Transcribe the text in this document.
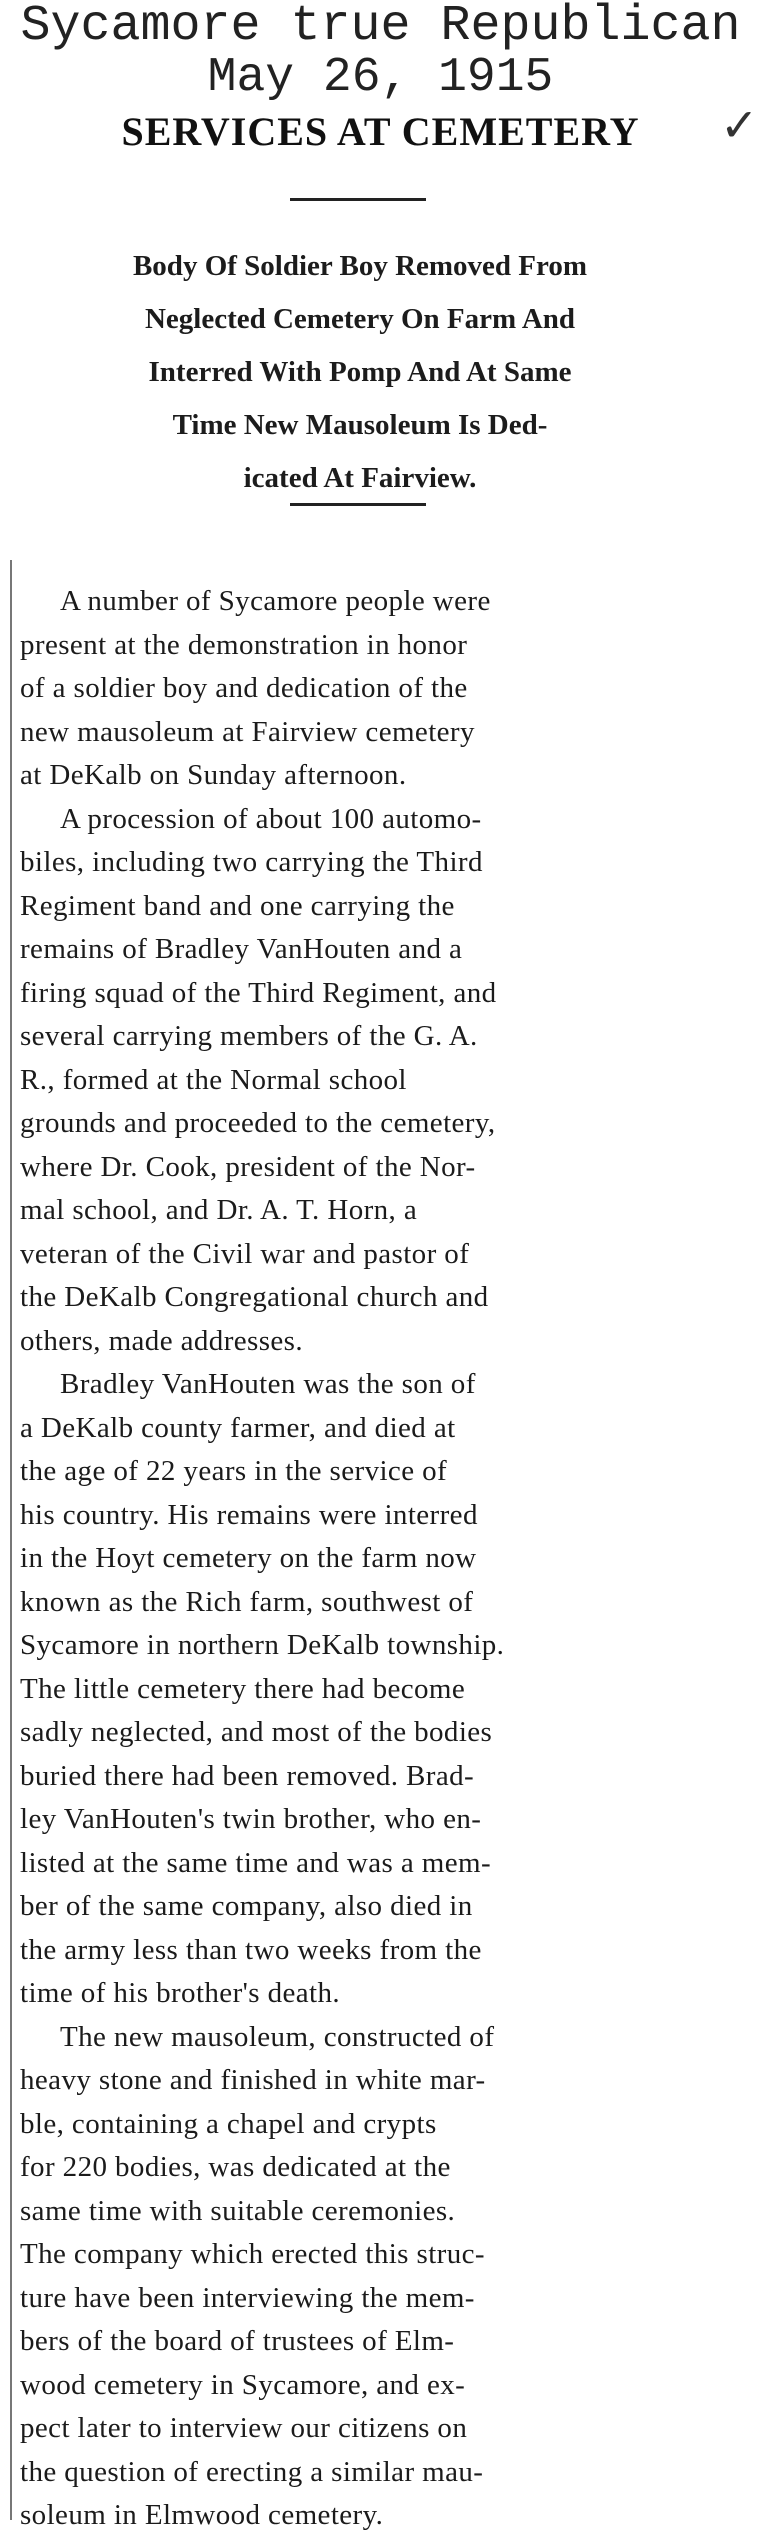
Sycamore true Republican
May 26, 1915
SERVICES AT CEMETERY	✓
Body Of Soldier Boy Removed From
Neglected Cemetery On Farm And
Interred With Pomp And At Same
Time New Mausoleum Is Ded-
icated At Fairview.
A number of Sycamore people were
present at the demonstration in honor
of a soldier boy and dedication of the
new mausoleum at Fairview cemetery
at DeKalb on Sunday afternoon.
A procession of about 100 automo-
biles, including two carrying the Third
Regiment band and one carrying the
remains of Bradley VanHouten and a
firing squad of the Third Regiment, and
several carrying members of the G. A.
R., formed at the Normal school
grounds and proceeded to the cemetery,
where Dr. Cook, president of the Nor-
mal school, and Dr. A. T. Horn, a
veteran of the Civil war and pastor of
the DeKalb Congregational church and
others, made addresses.
Bradley VanHouten was the son of
a DeKalb county farmer, and died at
the age of 22 years in the service of
his country. His remains were interred
in the Hoyt cemetery on the farm now
known as the Rich farm, southwest of
Sycamore in northern DeKalb township.
The little cemetery there had become
sadly neglected, and most of the bodies
buried there had been removed. Brad-
ley VanHouten's twin brother, who en-
listed at the same time and was a mem-
ber of the same company, also died in
the army less than two weeks from the
time of his brother's death.
The new mausoleum, constructed of
heavy stone and finished in white mar-
ble, containing a chapel and crypts
for 220 bodies, was dedicated at the
same time with suitable ceremonies.
The company which erected this struc-
ture have been interviewing the mem-
bers of the board of trustees of Elm-
wood cemetery in Sycamore, and ex-
pect later to interview our citizens on
the question of erecting a similar mau-
soleum in Elmwood cemetery.
